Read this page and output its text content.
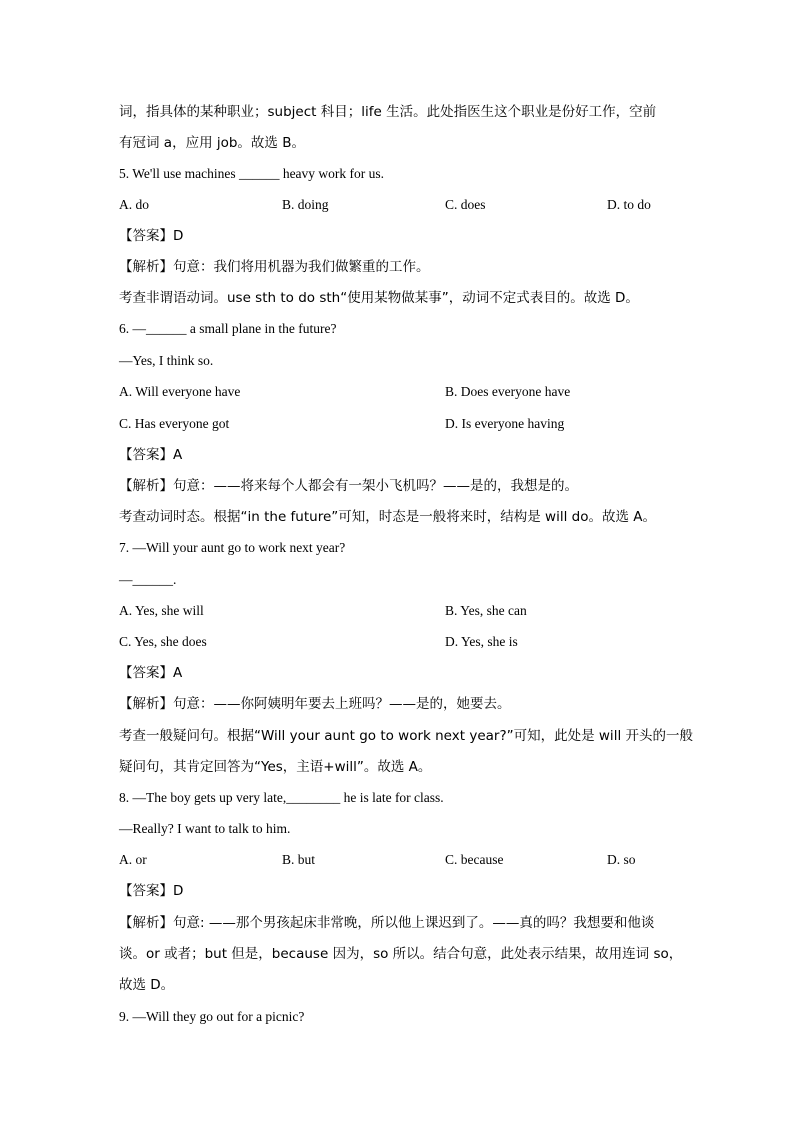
词，指具体的某种职业；subject 科目；life 生活。此处指医生这个职业是份好工作，空前
有冠词 a，应用 job。故选 B。
5. We'll use machines ______ heavy work for us.
A. do	B. doing	C. does	D. to do
【答案】D
【解析】句意：我们将用机器为我们做繁重的工作。
考查非谓语动词。use sth to do sth“使用某物做某事”，动词不定式表目的。故选 D。
6. —______ a small plane in the future?
—Yes, I think so.
A. Will everyone have	B. Does everyone have
C. Has everyone got	D. Is everyone having
【答案】A
【解析】句意：——将来每个人都会有一架小飞机吗？——是的，我想是的。
考查动词时态。根据“in the future”可知，时态是一般将来时，结构是 will do。故选 A。
7. —Will your aunt go to work next year?
—______.
A. Yes, she will	B. Yes, she can
C. Yes, she does	D. Yes, she is
【答案】A
【解析】句意：——你阿姨明年要去上班吗？——是的，她要去。
考查一般疑问句。根据“Will your aunt go to work next year?”可知，此处是 will 开头的一般
疑问句，其肯定回答为“Yes，主语+will”。故选 A。
8. —The boy gets up very late,________ he is late for class.
—Really? I want to talk to him.
A. or	B. but	C. because	D. so
【答案】D
【解析】句意: ——那个男孩起床非常晚，所以他上课迟到了。——真的吗？我想要和他谈
谈。or 或者；but 但是，because 因为，so 所以。结合句意，此处表示结果，故用连词 so，
故选 D。
9. —Will they go out for a picnic?
